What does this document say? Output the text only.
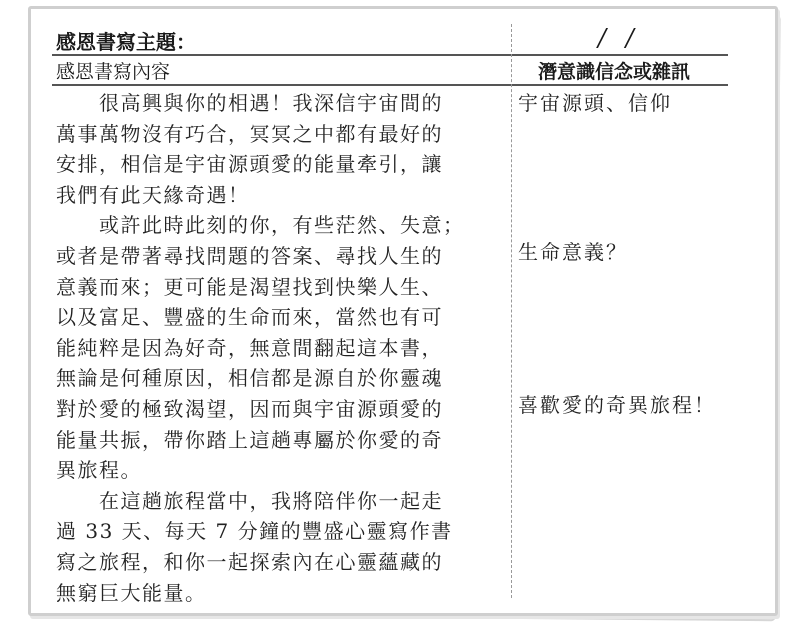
感恩書寫主題：	/ /
感恩書寫內容	潛意識信念或雜訊
　　很高興與你的相遇！我深信宇宙間的
萬事萬物沒有巧合，冥冥之中都有最好的
安排，相信是宇宙源頭愛的能量牽引，讓
我們有此天緣奇遇！
　　或許此時此刻的你，有些茫然、失意；
或者是帶著尋找問題的答案、尋找人生的
意義而來；更可能是渴望找到快樂人生、
以及富足、豐盛的生命而來，當然也有可
能純粹是因為好奇，無意間翻起這本書，
無論是何種原因，相信都是源自於你靈魂
對於愛的極致渴望，因而與宇宙源頭愛的
能量共振，帶你踏上這趟專屬於你愛的奇
異旅程。
　　在這趟旅程當中，我將陪伴你一起走
過 33 天、每天 7 分鐘的豐盛心靈寫作書
寫之旅程，和你一起探索內在心靈蘊藏的
無窮巨大能量。
宇宙源頭、信仰
生命意義？
喜歡愛的奇異旅程！
